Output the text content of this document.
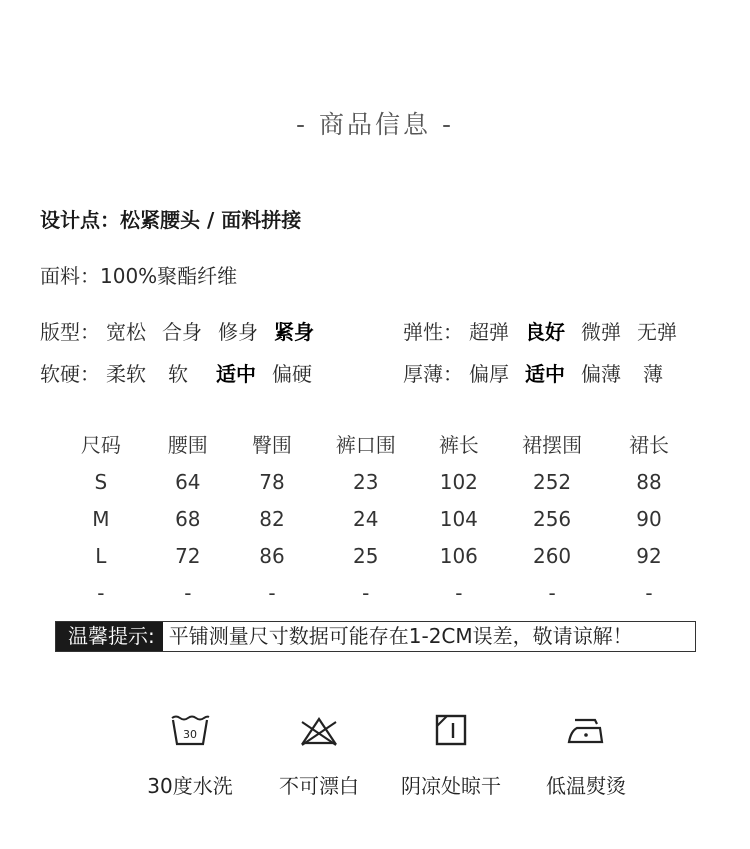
- 商品信息 -
设计点：松紧腰头 / 面料拼接
面料：100%聚酯纤维
版型： 宽松 合身 修身 紧身	弹性： 超弹 良好 微弹 无弹
软硬： 柔软 软 适中 偏硬	厚薄： 偏厚 适中 偏薄 薄
尺码	腰围	臀围	裤口围	裤长	裙摆围	裙长
S	64	78	23	102	252	88
M	68	82	24	104	256	90
L	72	86	25	106	260	92
-	-	-	-	-	-	-
温馨提示: 平铺测量尺寸数据可能存在1-2CM误差，敬请谅解！
30
30度水洗	不可漂白	阴凉处晾干	低温熨烫
